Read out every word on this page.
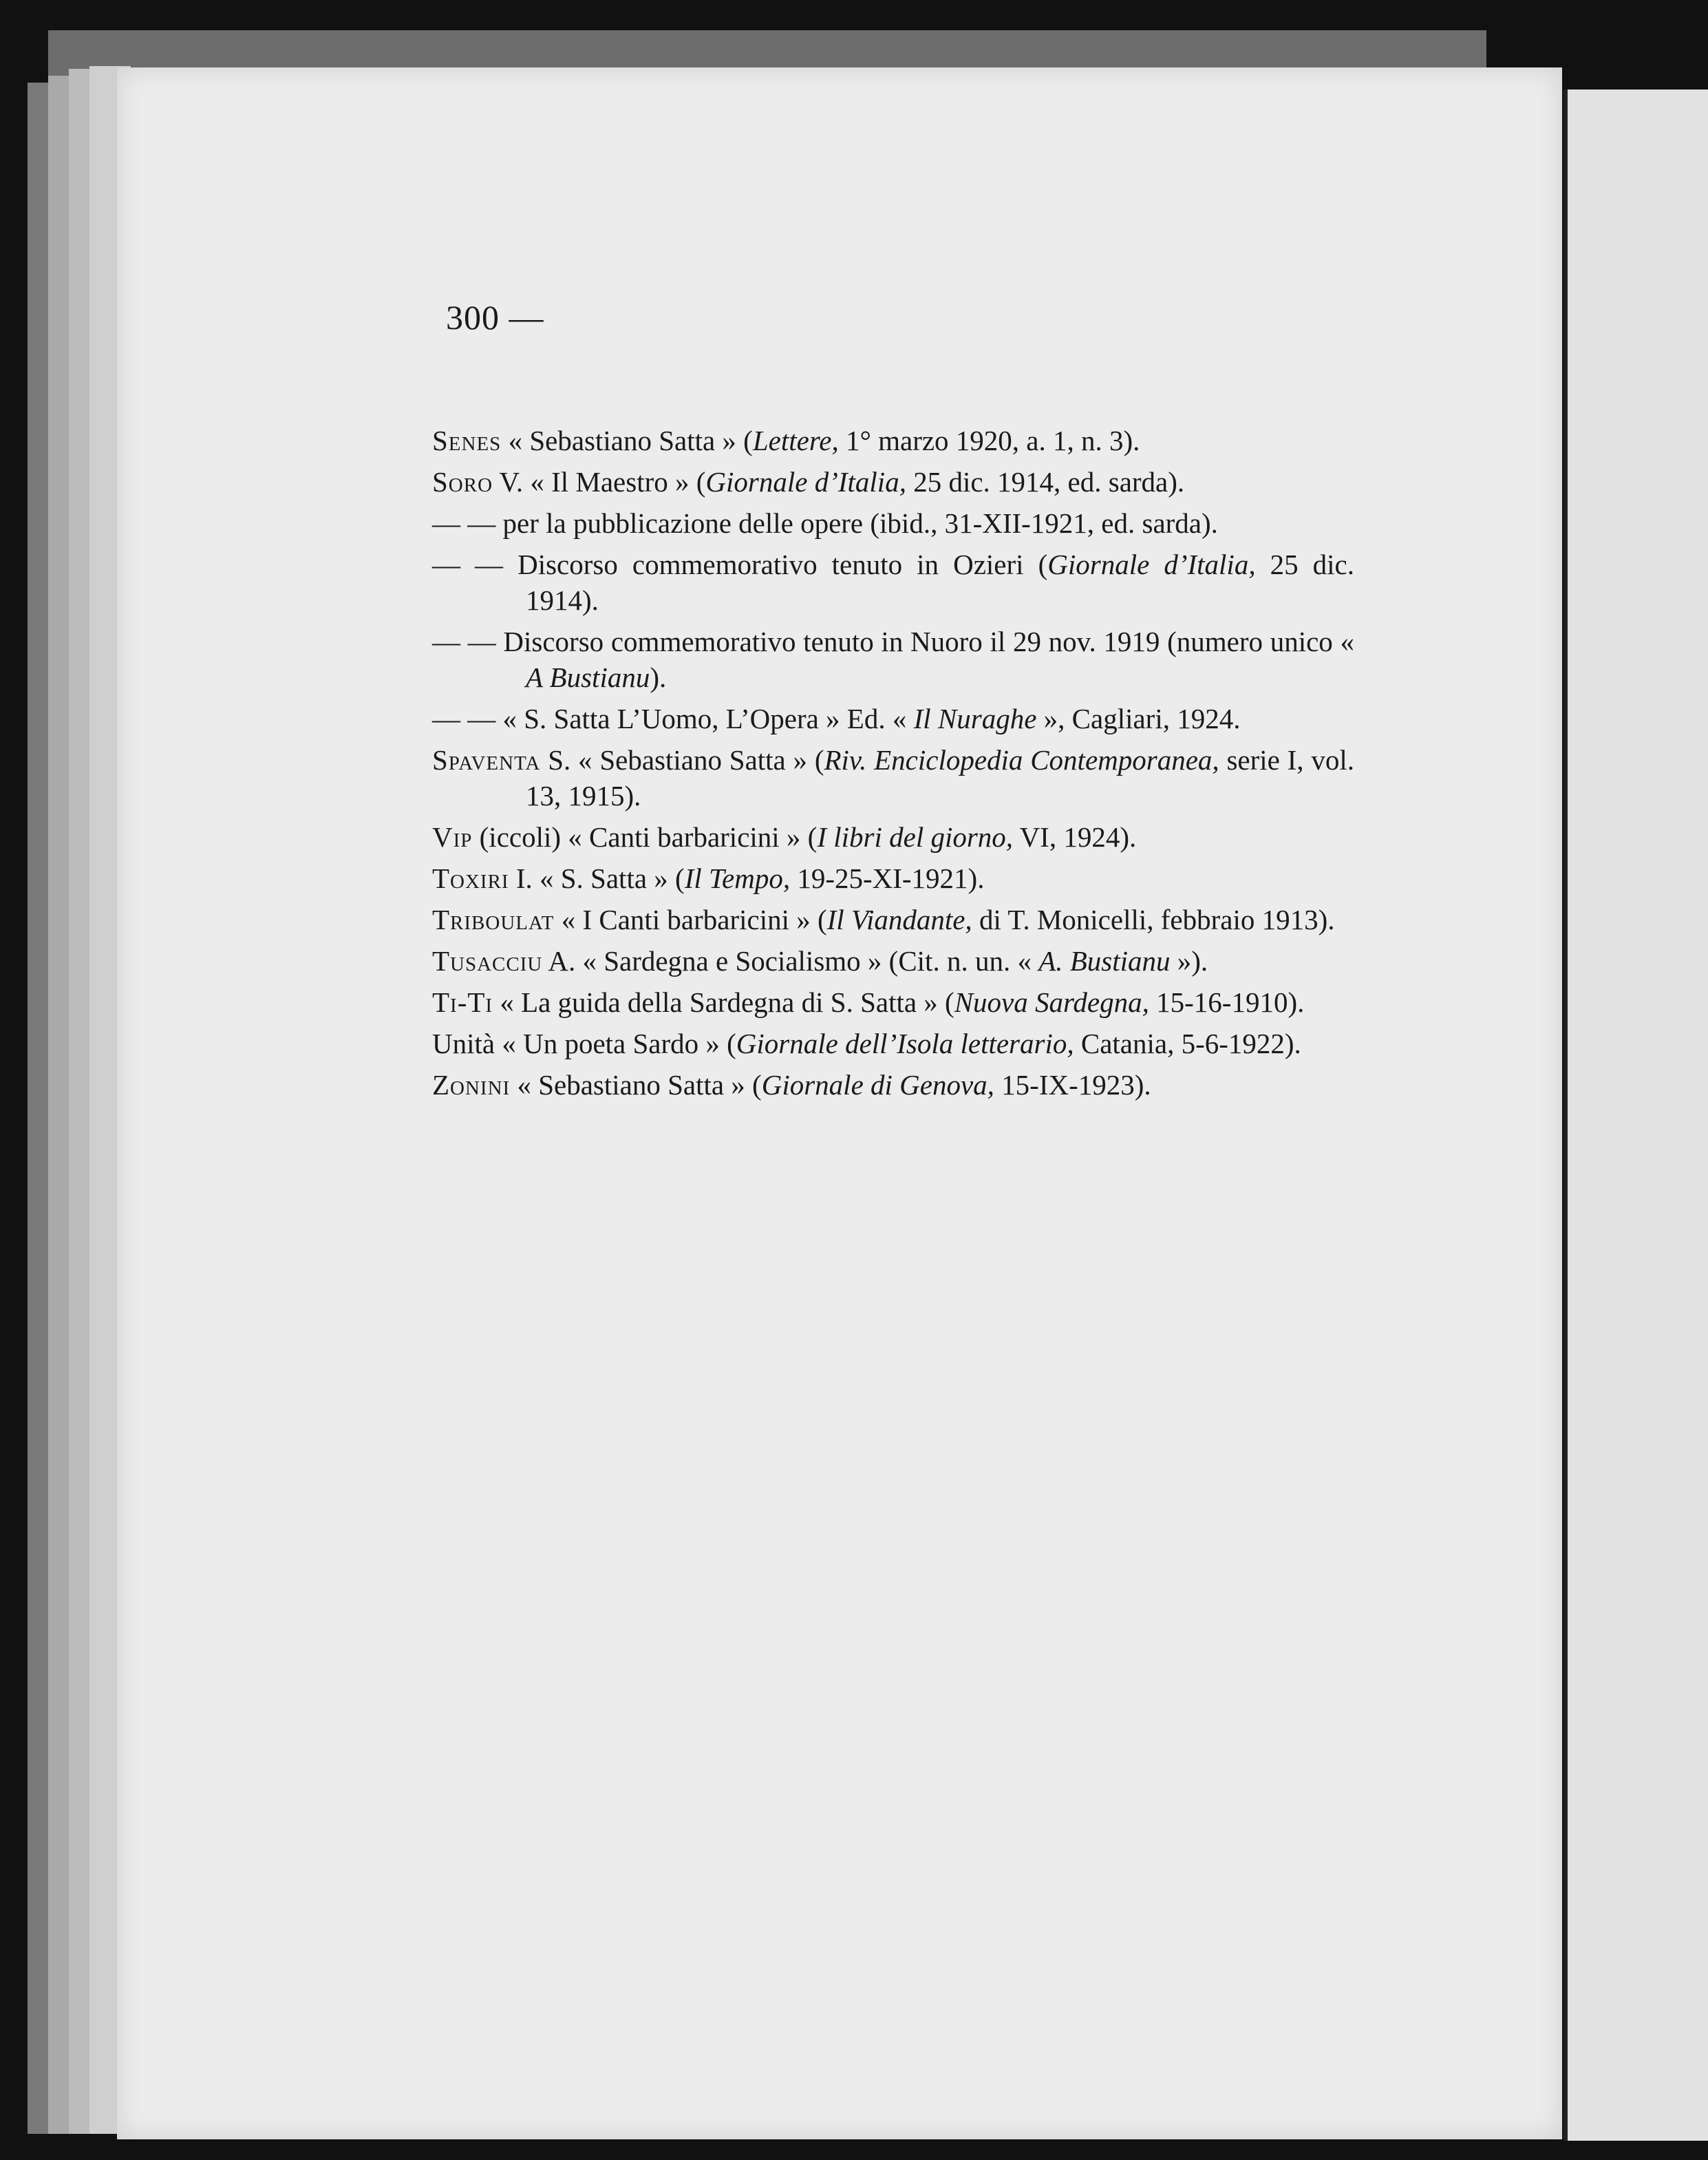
300 —
Senes « Sebastiano Satta » (Lettere, 1° marzo 1920, a. 1, n. 3).
Soro V. « Il Maestro » (Giornale d’Italia, 25 dic. 1914, ed. sarda).
— — per la pubblicazione delle opere (ibid., 31-XII-1921, ed. sarda).
— — Discorso commemorativo tenuto in Ozieri (Giornale d’Italia, 25 dic. 1914).
— — Discorso commemorativo tenuto in Nuoro il 29 nov. 1919 (numero unico « A Bustianu).
— — « S. Satta L’Uomo, L’Opera » Ed. « Il Nuraghe », Cagliari, 1924.
Spaventa S. « Sebastiano Satta » (Riv. Enciclopedia Contemporanea, serie I, vol. 13, 1915).
Vip (iccoli) « Canti barbaricini » (I libri del giorno, VI, 1924).
Toxiri I. « S. Satta » (Il Tempo, 19-25-XI-1921).
Triboulat « I Canti barbaricini » (Il Viandante, di T. Monicelli, febbraio 1913).
Tusacciu A. « Sardegna e Socialismo » (Cit. n. un. « A. Bustianu »).
Ti-Ti « La guida della Sardegna di S. Satta » (Nuova Sardegna, 15-16-1910).
Unità « Un poeta Sardo » (Giornale dell’Isola letterario, Catania, 5-6-1922).
Zonini « Sebastiano Satta » (Giornale di Genova, 15-IX-1923).
